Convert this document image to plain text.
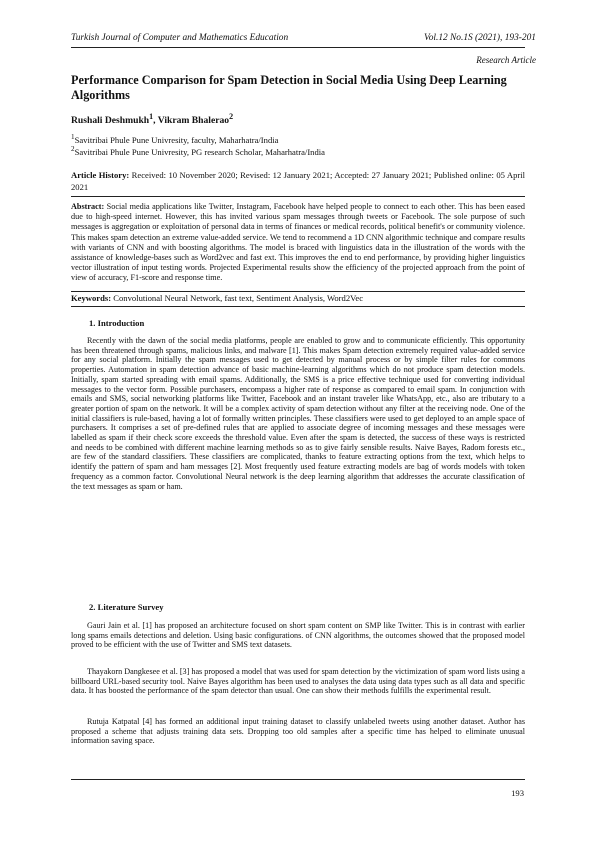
Turkish Journal of Computer and Mathematics Education	Vol.12 No.1S (2021), 193-201
Research Article
Performance Comparison for Spam Detection in Social Media Using Deep Learning Algorithms
Rushali Deshmukh$^1$, Vikram Bhalerao$^2$
$^1$Savitribai Phule Pune Univresity, faculty, Maharhatra/India
$^2$Savitribai Phule Pune Univresity, PG research Scholar, Maharhatra/India
Article History: Received: 10 November 2020; Revised: 12 January 2021; Accepted: 27 January 2021; Published online: 05 April 2021
Abstract: Social media applications like Twitter, Instagram, Facebook have helped people to connect to each other. This has been eased due to high-speed internet. However, this has invited various spam messages through tweets or Facebook. The sole purpose of such messages is aggregation or exploitation of personal data in terms of finances or medical records, political benefit's or community violence. This makes spam detection an extreme value-added service. We tend to recommend a 1D CNN algorithmic technique and compare results with variants of CNN and with boosting algorithms. The model is braced with linguistics data in the illustration of the words with the assistance of knowledge-bases such as Word2vec and fast ext. This improves the end to end performance, by providing higher linguistics vector illustration of input testing words. Projected Experimental results show the efficiency of the projected approach from the point of view of accuracy, F1-score and response time.
Keywords: Convolutional Neural Network, fast text, Sentiment Analysis, Word2Vec
1. Introduction
Recently with the dawn of the social media platforms, people are enabled to grow and to communicate efficiently. This opportunity has been threatened through spams, malicious links, and malware [1]. This makes Spam detection extremely required value-added service for any social platform. Initially the spam messages used to get detected by manual process or by simple filter rules for commons properties. Automation in spam detection advance of basic machine-learning algorithms which do not produce spam detection models. Initially, spam started spreading with email spams. Additionally, the SMS is a price effective technique used for converting individual messages to the vector form. Possible purchasers, encompass a higher rate of response as compared to email spam. In conjunction with emails and SMS, social networking platforms like Twitter, Facebook and an instant traveler like WhatsApp, etc., also are tributary to a greater portion of spam on the network. It will be a complex activity of spam detection without any filter at the receiving node. One of the initial classifiers is rule-based, having a lot of formally written principles. These classifiers were used to get deployed to an ample space of purchasers. It comprises a set of pre-defined rules that are applied to associate degree of incoming messages and these messages were labelled as spam if their check score exceeds the threshold value. Even after the spam is detected, the success of these ways is restricted and needs to be combined with different machine learning methods so as to give fairly sensible results. Naive Bayes, Radom forests etc., are few of the standard classifiers. These classifiers are complicated, thanks to feature extracting options from the text, which helps to identify the pattern of spam and ham messages [2]. Most frequently used feature extracting models are bag of words models with token frequency as a common factor. Convolutional Neural network is the deep learning algorithm that addresses the accurate classification of the text messages as spam or ham.
2. Literature Survey
Gauri Jain et al. [1] has proposed an architecture focused on short spam content on SMP like Twitter. This is in contrast with earlier long spams emails detections and deletion. Using basic configurations. of CNN algorithms, the outcomes showed that the proposed model proved to be efficient with the use of Twitter and SMS text datasets.
Thayakorn Dangkesee et al. [3] has proposed a model that was used for spam detection by the victimization of spam word lists using a billboard URL-based security tool. Naive Bayes algorithm has been used to analyses the data using data types such as all data and specific data. It has boosted the performance of the spam detector than usual. One can show their methods fulfills the experimental result.
Rutuja Katpatal [4] has formed an additional input training dataset to classify unlabeled tweets using another dataset. Author has proposed a scheme that adjusts training data sets. Dropping too old samples after a specific time has helped to eliminate unusual information saving space.
193
